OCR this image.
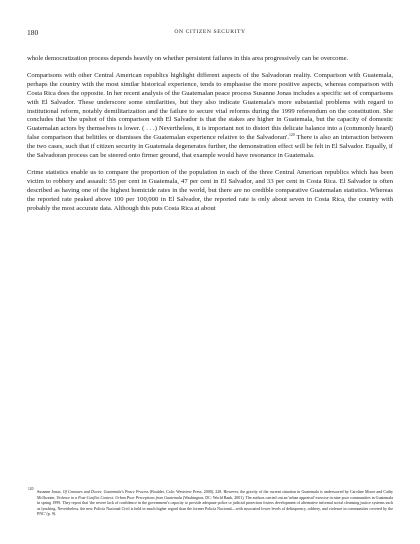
180	ON CITIZEN SECURITY

whole democratization process depends heavily on whether persistent failures in this area progressively can be overcome.

Comparisons with other Central American republics highlight different aspects of the Salvadoran reality. Comparison with Guatemala, perhaps the country with the most similar historical experience, tends to emphasise the more positive aspects, whereas comparison with Costa Rica does the opposite. In her recent analysis of the Guatemalan peace process Susanne Jonas includes a specific set of comparisons with El Salvador. These underscore some similarities, but they also indicate Guatemala's more substantial problems with regard to institutional reform, notably demilitarization and the failure to secure vital reforms during the 1999 referendum on the constitution. She concludes that 'the upshot of this comparison with El Salvador is that the stakes are higher in Guatemala, but the capacity of domestic Guatemalan actors by themselves is lower. ( . . .) Nevertheless, it is important not to distort this delicate balance into a (commonly heard) false comparison that belittles or dismisses the Guatemalan experience relative to the Salvadoran'.$^{120}$ There is also an interaction between the two cases, such that if citizen security in Guatemala degenerates further, the demonstration effect will be felt in El Salvador. Equally, if the Salvadoran process can be steered onto firmer ground, that example would have resonance in Guatemala.

Crime statistics enable us to compare the proportion of the population in each of the three Central American republics which has been victim to robbery and assault: 55 per cent in Guatemala, 47 per cent in El Salvador, and 33 per cent in Costa Rica. El Salvador is often described as having one of the highest homicide rates in the world, but there are no credible comparative Guatemalan statistics. Whereas the reported rate peaked above 100 per 100,000 in El Salvador, the reported rate is only about seven in Costa Rica, the country with probably the most accurate data. Although this puts Costa Rica at about

120 Susanne Jonas, Of Centaurs and Doves: Guatemala's Peace Process (Boulder, Colo: Westview Press, 2000), 228. However, the gravity of the current situation in Guatemala is underscored by Caroline Moser and Cathy McIlwaine, Violence in a Post-Conflict Context: Urban Poor Perceptions from Guatemala (Washington, DC: World Bank, 2001). The authors carried out an 'urban appraisal' exercise in nine poor communities in Guatemala in spring 1999. They report that 'the severe lack of confidence in the government's capacity to provide adequate police or judicial protection fosters development of alternative informal social cleansing justice systems such as lynching. Nevertheless, the new Policía Nacional Civil is held in much higher regard than the former Policía Nacional—with associated lower levels of delinquency, robbery, and violence in communities covered by the PNC' (p. 9).
